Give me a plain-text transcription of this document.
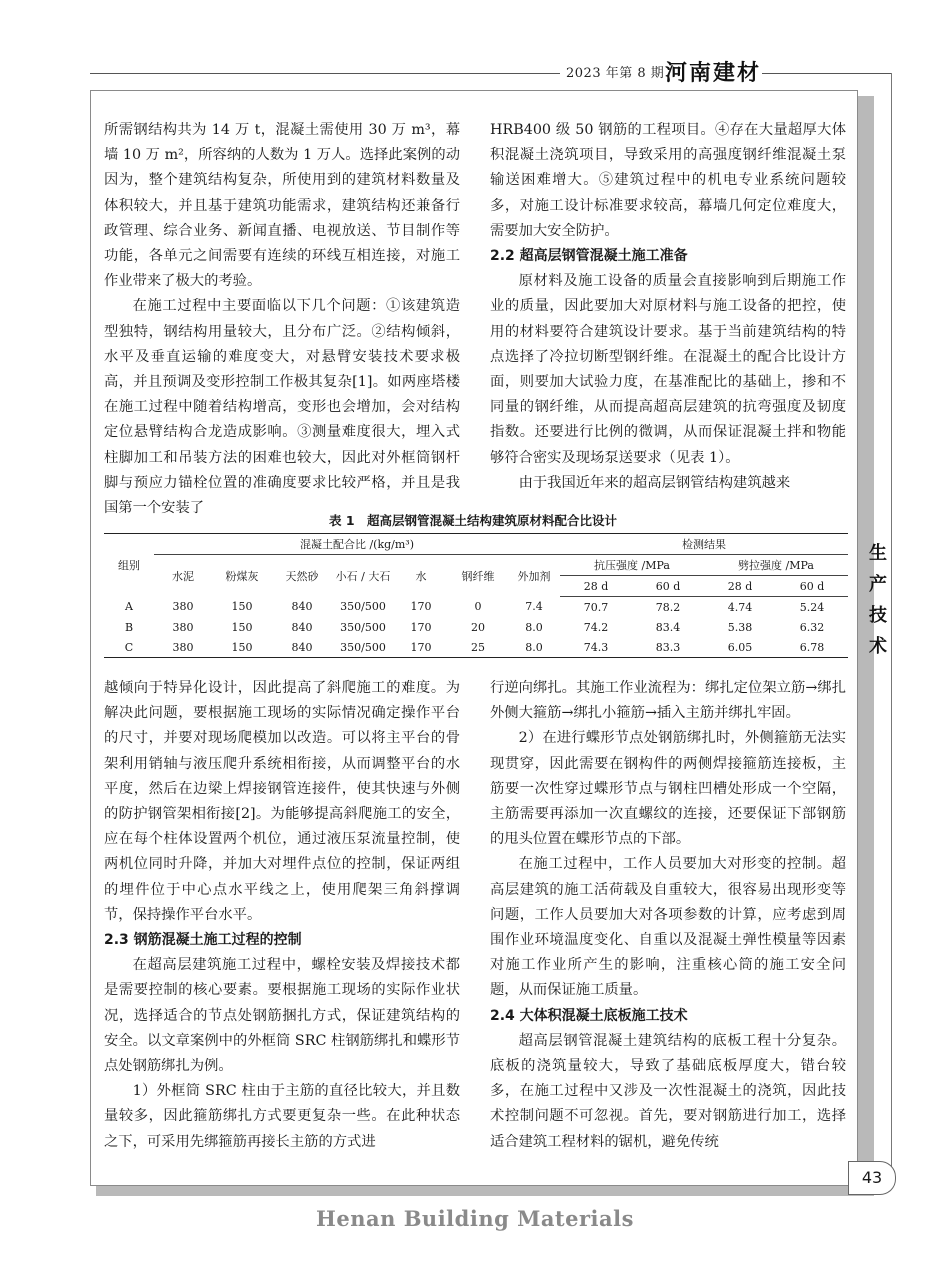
2023 年第 8 期 河南建材

所需钢结构共为 14 万 t，混凝土需使用 30 万 m³，幕墙 10 万 m²，所容纳的人数为 1 万人。选择此案例的动因为，整个建筑结构复杂，所使用到的建筑材料数量及体积较大，并且基于建筑功能需求，建筑结构还兼备行政管理、综合业务、新闻直播、电视放送、节目制作等功能，各单元之间需要有连续的环线互相连接，对施工作业带来了极大的考验。

在施工过程中主要面临以下几个问题：①该建筑造型独特，钢结构用量较大，且分布广泛。②结构倾斜，水平及垂直运输的难度变大，对悬臂安装技术要求极高，并且预调及变形控制工作极其复杂[1]。如两座塔楼在施工过程中随着结构增高，变形也会增加，会对结构定位悬臂结构合龙造成影响。③测量难度很大，埋入式柱脚加工和吊装方法的困难也较大，因此对外框筒钢杆脚与预应力锚栓位置的准确度要求比较严格，并且是我国第一个安装了

HRB400 级 50 钢筋的工程项目。④存在大量超厚大体积混凝土浇筑项目，导致采用的高强度钢纤维混凝土泵输送困难增大。⑤建筑过程中的机电专业系统问题较多，对施工设计标准要求较高，幕墙几何定位难度大，需要加大安全防护。

2.2 超高层钢管混凝土施工准备

原材料及施工设备的质量会直接影响到后期施工作业的质量，因此要加大对原材料与施工设备的把控，使用的材料要符合建筑设计要求。基于当前建筑结构的特点选择了冷拉切断型钢纤维。在混凝土的配合比设计方面，则要加大试验力度，在基准配比的基础上，掺和不同量的钢纤维，从而提高超高层建筑的抗弯强度及韧度指数。还要进行比例的微调，从而保证混凝土拌和物能够符合密实及现场泵送要求（见表 1）。

由于我国近年来的超高层钢管结构建筑越来

表 1　超高层钢管混凝土结构建筑原材料配合比设计
组别	混凝土配合比 /(kg/m³)							检测结果			
	水泥	粉煤灰	天然砂	小石 / 大石	水	钢纤维	外加剂	抗压强度 /MPa		劈拉强度 /MPa	
								28 d	60 d	28 d	60 d
A	380	150	840	350/500	170	0	7.4	70.7	78.2	4.74	5.24
B	380	150	840	350/500	170	20	8.0	74.2	83.4	5.38	6.32
C	380	150	840	350/500	170	25	8.0	74.3	83.3	6.05	6.78

越倾向于特异化设计，因此提高了斜爬施工的难度。为解决此问题，要根据施工现场的实际情况确定操作平台的尺寸，并要对现场爬模加以改造。可以将主平台的骨架利用销轴与液压爬升系统相衔接，从而调整平台的水平度，然后在边梁上焊接钢管连接件，使其快速与外侧的防护钢管架相衔接[2]。为能够提高斜爬施工的安全，应在每个柱体设置两个机位，通过液压泵流量控制，使两机位同时升降，并加大对埋件点位的控制，保证两组的埋件位于中心点水平线之上，使用爬架三角斜撑调节，保持操作平台水平。

2.3 钢筋混凝土施工过程的控制

在超高层建筑施工过程中，螺栓安装及焊接技术都是需要控制的核心要素。要根据施工现场的实际作业状况，选择适合的节点处钢筋捆扎方式，保证建筑结构的安全。以文章案例中的外框筒 SRC 柱钢筋绑扎和蝶形节点处钢筋绑扎为例。

1）外框筒 SRC 柱由于主筋的直径比较大，并且数量较多，因此箍筋绑扎方式要更复杂一些。在此种状态之下，可采用先绑箍筋再接长主筋的方式进

行逆向绑扎。其施工作业流程为：绑扎定位架立筋→绑扎外侧大箍筋→绑扎小箍筋→插入主筋并绑扎牢固。

2）在进行蝶形节点处钢筋绑扎时，外侧箍筋无法实现贯穿，因此需要在钢构件的两侧焊接箍筋连接板，主筋要一次性穿过蝶形节点与钢柱凹槽处形成一个空隔，主筋需要再添加一次直螺纹的连接，还要保证下部钢筋的甩头位置在蝶形节点的下部。

在施工过程中，工作人员要加大对形变的控制。超高层建筑的施工活荷载及自重较大，很容易出现形变等问题，工作人员要加大对各项参数的计算，应考虑到周围作业环境温度变化、自重以及混凝土弹性模量等因素对施工作业所产生的影响，注重核心筒的施工安全问题，从而保证施工质量。

2.4 大体积混凝土底板施工技术

超高层钢管混凝土建筑结构的底板工程十分复杂。底板的浇筑量较大，导致了基础底板厚度大，错台较多，在施工过程中又涉及一次性混凝土的浇筑，因此技术控制问题不可忽视。首先，要对钢筋进行加工，选择适合建筑工程材料的锯机，避免传统

生产技术
43
Henan Building Materials
